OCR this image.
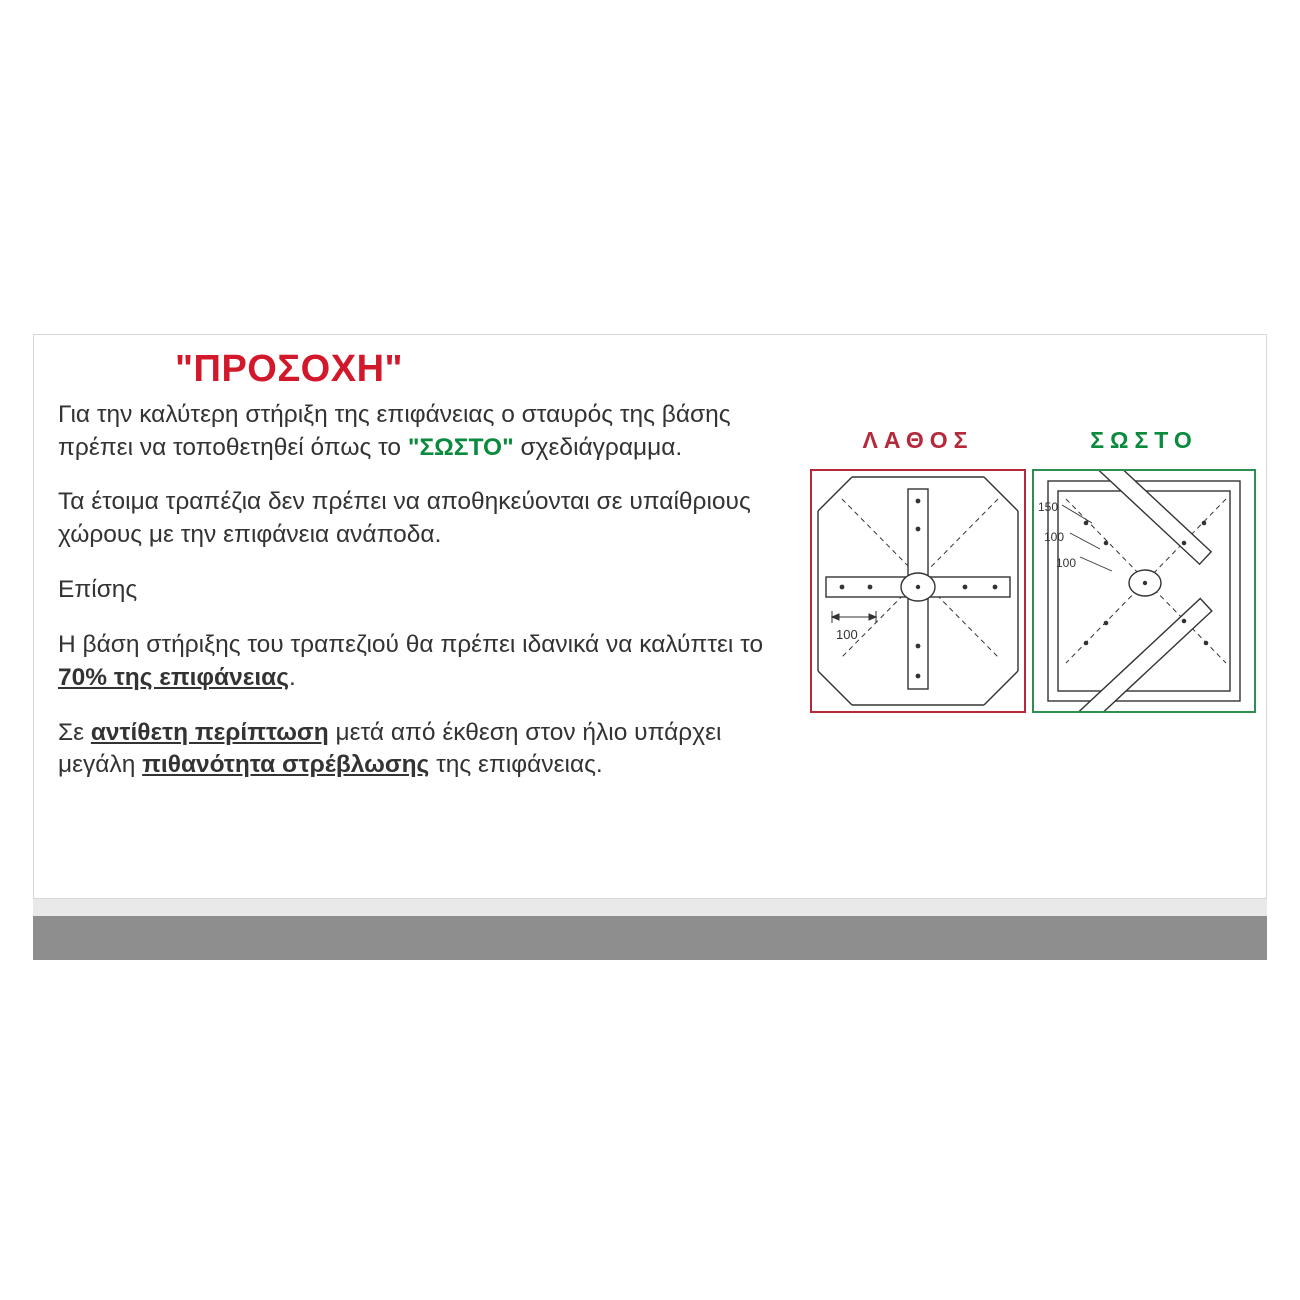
"ΠΡΟΣΟΧΗ"

Για την καλύτερη στήριξη της επιφάνειας ο σταυρός της βάσης πρέπει να τοποθετηθεί όπως το "ΣΩΣΤΟ" σχεδιάγραμμα.

Τα έτοιμα τραπέζια δεν πρέπει να αποθηκεύονται σε υπαίθριους χώρους με την επιφάνεια ανάποδα.

Επίσης

Η βάση στήριξης του τραπεζιού θα πρέπει ιδανικά να καλύπτει το 70% της επιφάνειας.

Σε αντίθετη περίπτωση μετά από έκθεση στον ήλιο υπάρχει μεγάλη πιθανότητα στρέβλωσης της επιφάνειας.

ΛΑΘΟΣ	ΣΩΣΤΟ
100
150
100
100
